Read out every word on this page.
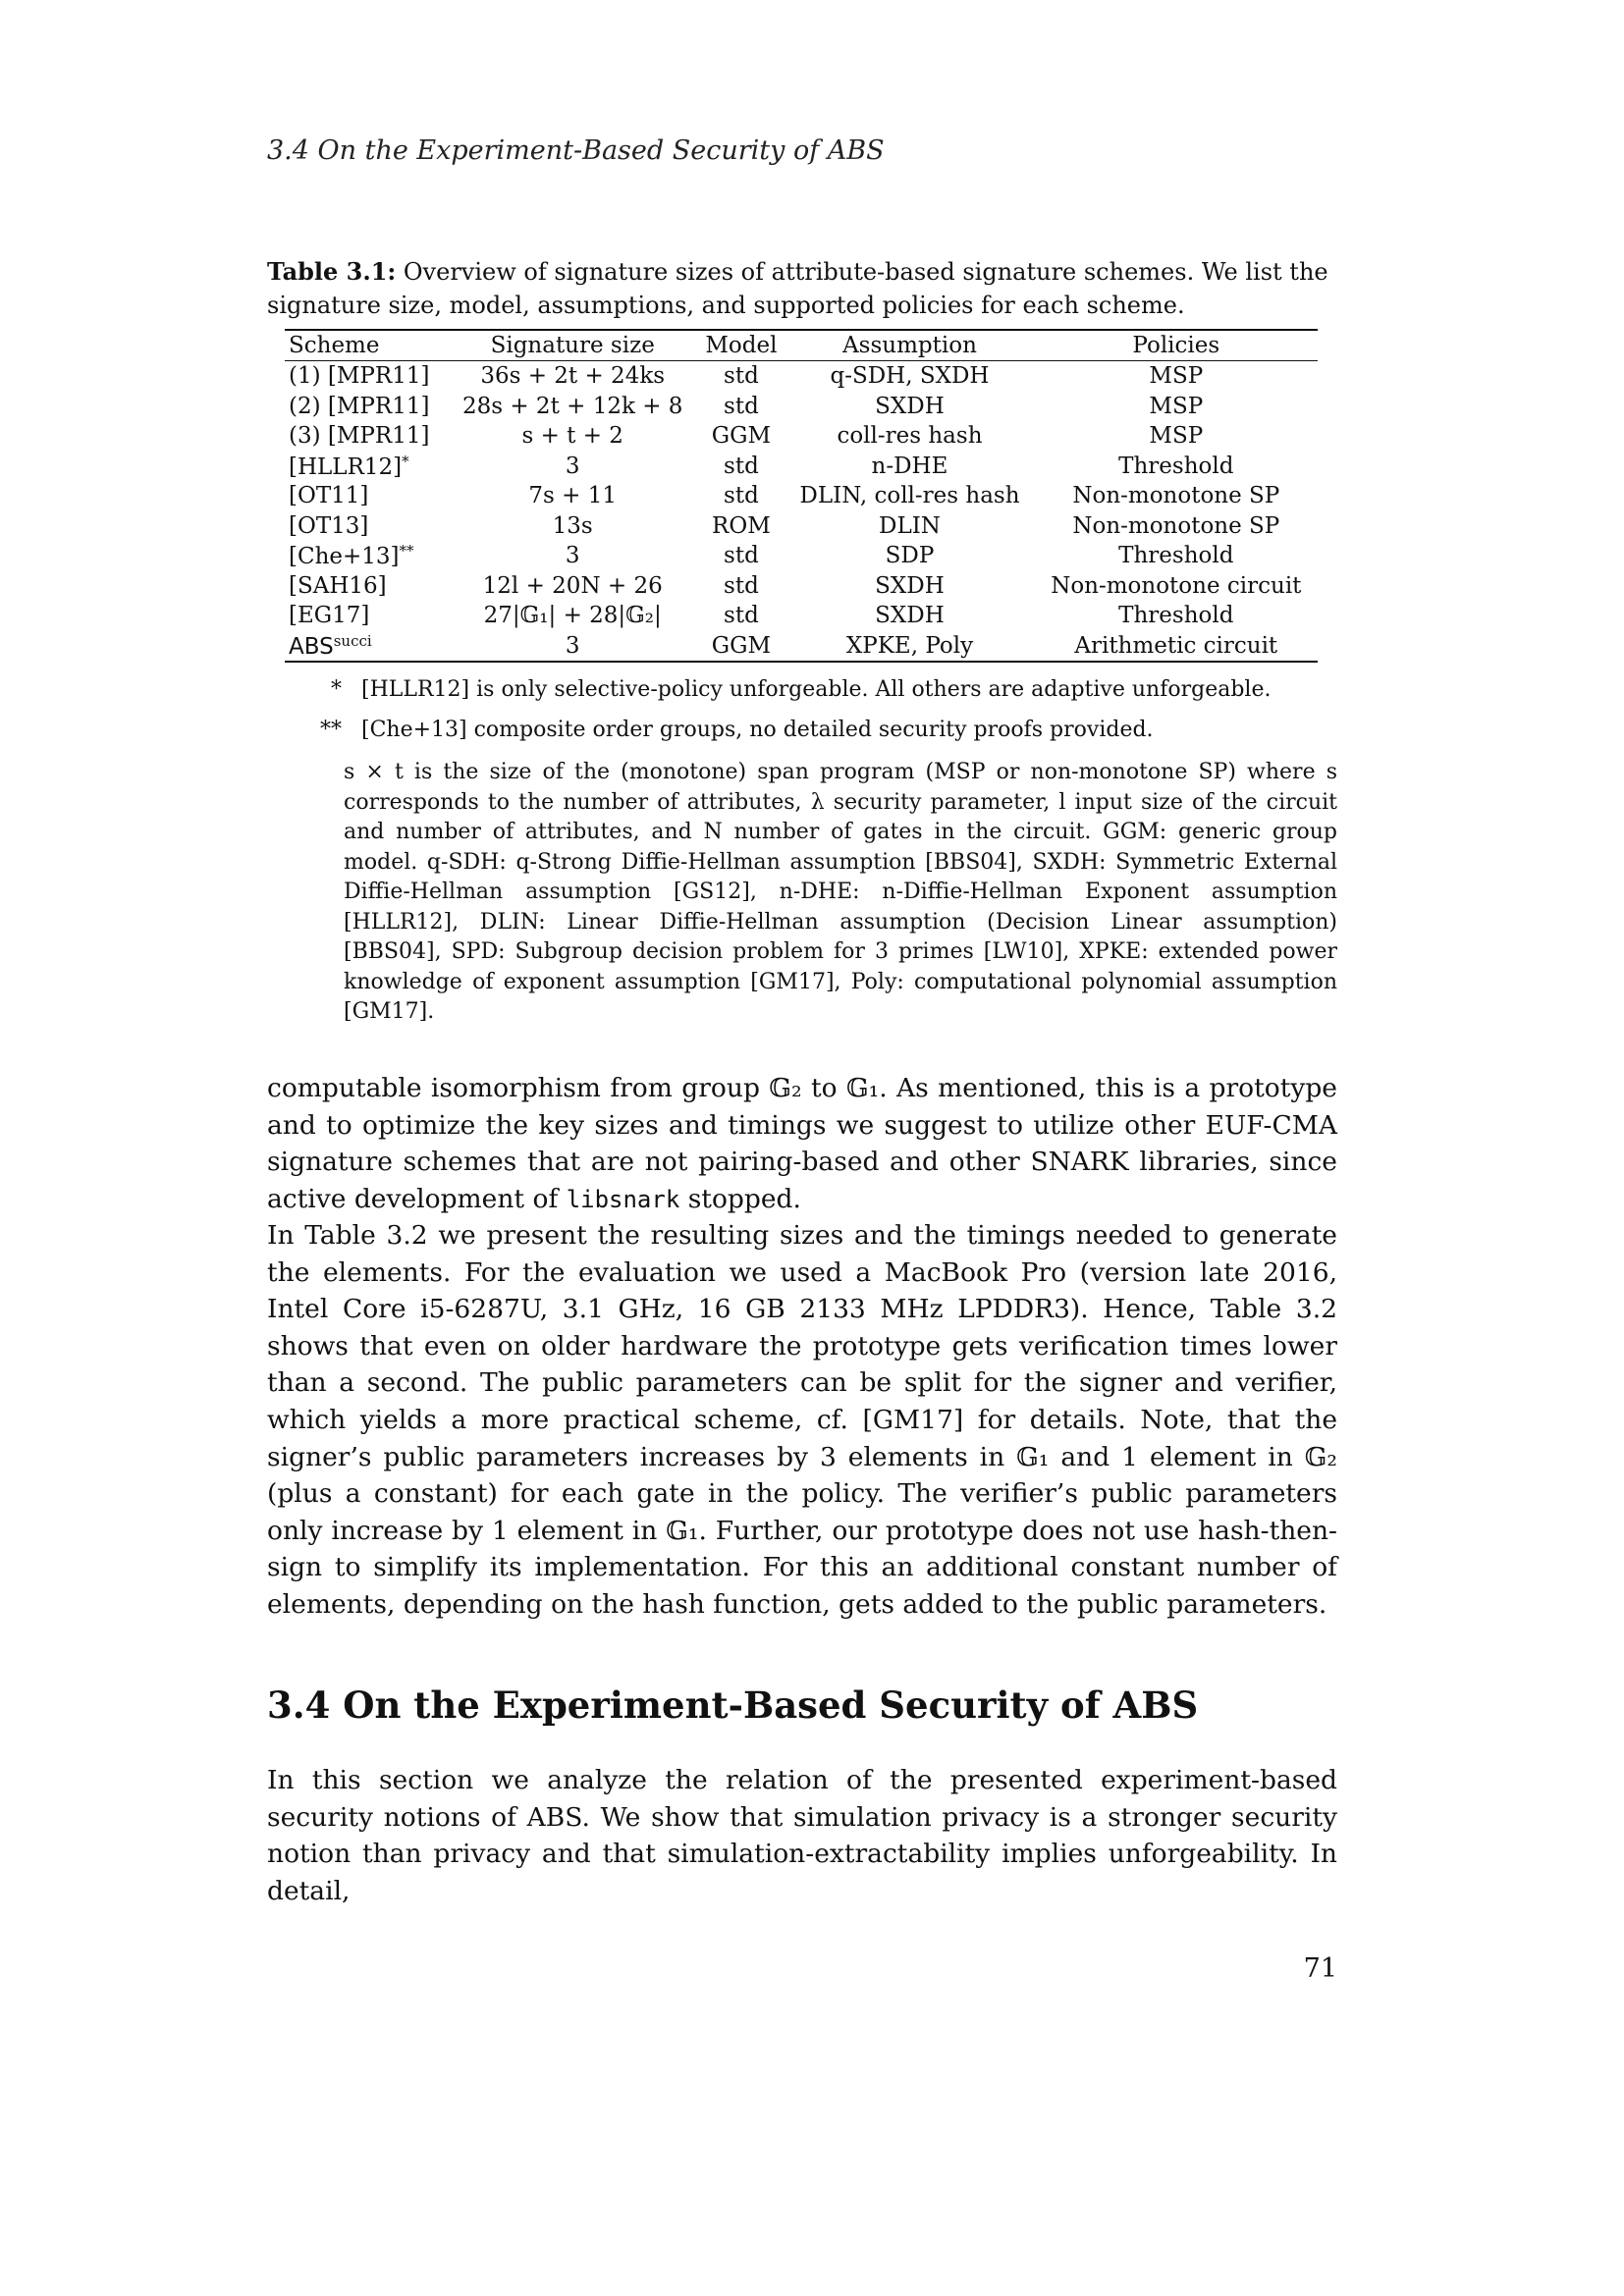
3.4 On the Experiment-Based Security of ABS
Table 3.1: Overview of signature sizes of attribute-based signature schemes. We list the signature size, model, assumptions, and supported policies for each scheme.
Scheme	Signature size	Model	Assumption	Policies
(1) [MPR11]	36s + 2t + 24ks	std	q-SDH, SXDH	MSP
(2) [MPR11]	28s + 2t + 12k + 8	std	SXDH	MSP
(3) [MPR11]	s + t + 2	GGM	coll-res hash	MSP
[HLLR12]*	3	std	n-DHE	Threshold
[OT11]	7s + 11	std	DLIN, coll-res hash	Non-monotone SP
[OT13]	13s	ROM	DLIN	Non-monotone SP
[Che+13]**	3	std	SDP	Threshold
[SAH16]	12l + 20N + 26	std	SXDH	Non-monotone circuit
[EG17]	27|𝔾₁| + 28|𝔾₂|	std	SXDH	Threshold
$ABS^{succi}$	3	GGM	XPKE, Poly	Arithmetic circuit
* [HLLR12] is only selective-policy unforgeable. All others are adaptive unforgeable.
** [Che+13] composite order groups, no detailed security proofs provided.
s × t is the size of the (monotone) span program (MSP or non-monotone SP) where s corresponds to the number of attributes, λ security parameter, l input size of the circuit and number of attributes, and N number of gates in the circuit. GGM: generic group model. q-SDH: q-Strong Diffie-Hellman assumption [BBS04], SXDH: Symmetric External Diffie-Hellman assumption [GS12], n-DHE: n-Diffie-Hellman Exponent assumption [HLLR12], DLIN: Linear Diffie-Hellman assumption (Decision Linear assumption) [BBS04], SPD: Subgroup decision problem for 3 primes [LW10], XPKE: extended power knowledge of exponent assumption [GM17], Poly: computational polynomial assumption [GM17].
computable isomorphism from group 𝔾₂ to 𝔾₁. As mentioned, this is a prototype and to optimize the key sizes and timings we suggest to utilize other EUF-CMA signature schemes that are not pairing-based and other SNARK libraries, since active development of libsnark stopped.
In Table 3.2 we present the resulting sizes and the timings needed to generate the elements. For the evaluation we used a MacBook Pro (version late 2016, Intel Core i5-6287U, 3.1 GHz, 16 GB 2133 MHz LPDDR3). Hence, Table 3.2 shows that even on older hardware the prototype gets verification times lower than a second. The public parameters can be split for the signer and verifier, which yields a more practical scheme, cf. [GM17] for details. Note, that the signer’s public parameters increases by 3 elements in 𝔾₁ and 1 element in 𝔾₂ (plus a constant) for each gate in the policy. The verifier’s public parameters only increase by 1 element in 𝔾₁. Further, our prototype does not use hash-then-sign to simplify its implementation. For this an additional constant number of elements, depending on the hash function, gets added to the public parameters.
3.4 On the Experiment-Based Security of ABS
In this section we analyze the relation of the presented experiment-based security notions of ABS. We show that simulation privacy is a stronger security notion than privacy and that simulation-extractability implies unforgeability. In detail,
71
